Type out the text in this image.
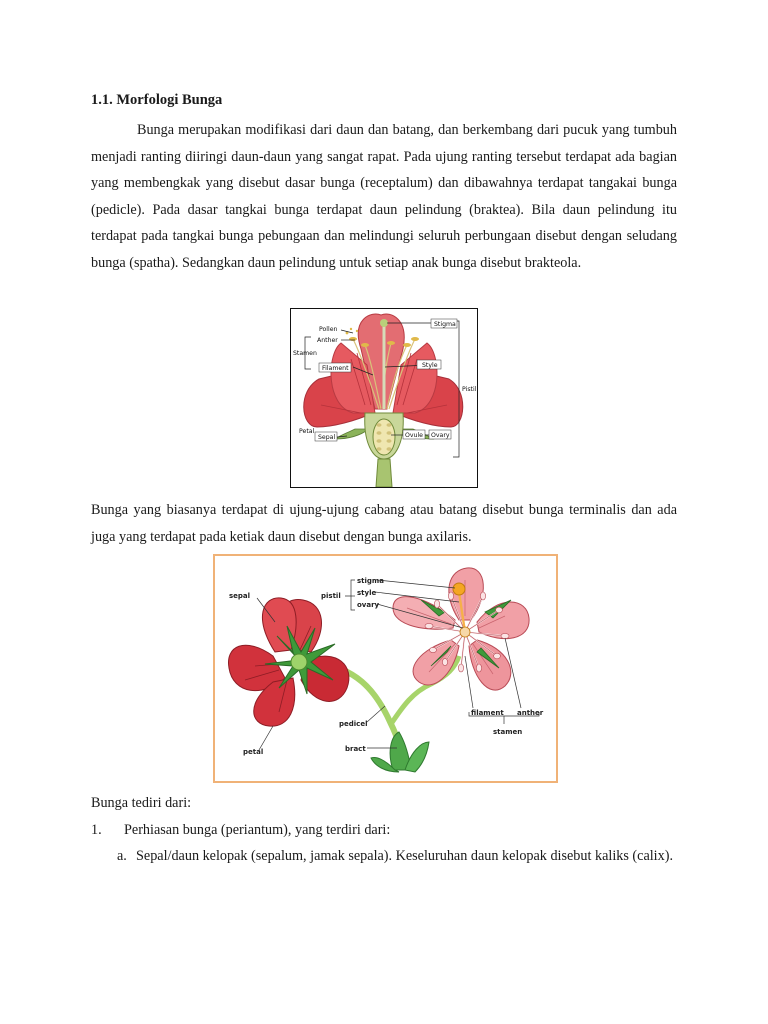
1.1. Morfologi Bunga
Bunga merupakan modifikasi dari daun dan batang, dan berkembang dari pucuk yang tumbuh menjadi ranting diiringi daun-daun yang sangat rapat. Pada ujung ranting tersebut terdapat ada bagian yang membengkak yang disebut dasar bunga (receptalum) dan dibawahnya terdapat tangakai bunga (pedicle). Pada dasar tangkai bunga terdapat daun pelindung (braktea). Bila daun pelindung itu terdapat pada tangkai bunga pebungaan dan melindungi seluruh perbungaan disebut dengan seludang bunga (spatha). Sedangkan daun pelindung untuk setiap anak bunga disebut brakteola.
Pollen
Anther
Stamen
Filament
Stigma
Style
Pistil
Petal
Sepal	Ovule Ovary
Bunga yang biasanya terdapat di ujung-ujung cabang atau batang disebut bunga terminalis dan ada juga yang terdapat pada ketiak daun disebut dengan bunga axilaris.
sepal	pistil
stigma
style
ovary
filament anther
stamen
pedicel
bract
petal
Bunga tediri dari:
1. Perhiasan bunga (periantum), yang terdiri dari:
a. Sepal/daun kelopak (sepalum, jamak sepala). Keseluruhan daun kelopak disebut kaliks (calix).
